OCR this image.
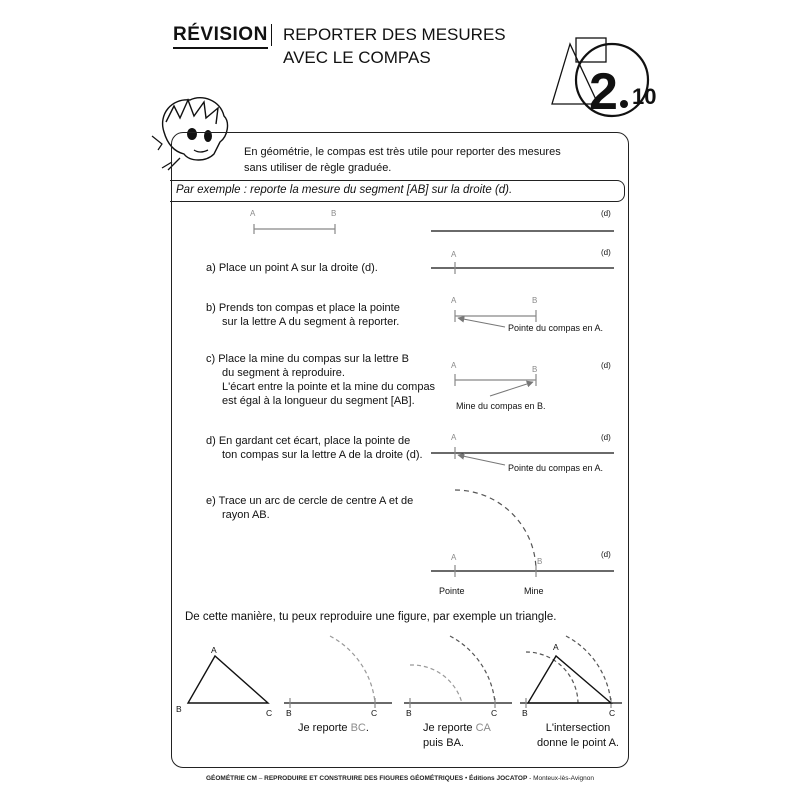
RÉVISION REPORTER DES MESURES
AVEC LE COMPAS
2 10
En géométrie, le compas est très utile pour reporter des mesures
sans utiliser de règle graduée.
Par exemple : reporte la mesure du segment [AB] sur la droite (d).
a) Place un point A sur la droite (d).
b) Prends ton compas et place la pointe
sur la lettre A du segment à reporter.
c) Place la mine du compas sur la lettre B
du segment à reproduire.
L'écart entre la pointe et la mine du compas
est égal à la longueur du segment [AB].
d) En gardant cet écart, place la pointe de
ton compas sur la lettre A de la droite (d).
e) Trace un arc de cercle de centre A et de
rayon AB.
A	B	(d)
A	(d)
A	B
A	B	(d)
A	(d)
A	B
(d)
A
B	C B	C	B	C
A
B	C
Pointe du compas en A.
Mine du compas en B.
Pointe du compas en A.
Pointe	Mine
De cette manière, tu peux reproduire une figure, par exemple un triangle.
Je reporte BC.	Je reporte CA
puis BA.
L'intersection
donne le point A.
GÉOMÉTRIE CM – REPRODUIRE ET CONSTRUIRE DES FIGURES GÉOMÉTRIQUES • Éditions JOCATOP - Monteux-lès-Avignon
